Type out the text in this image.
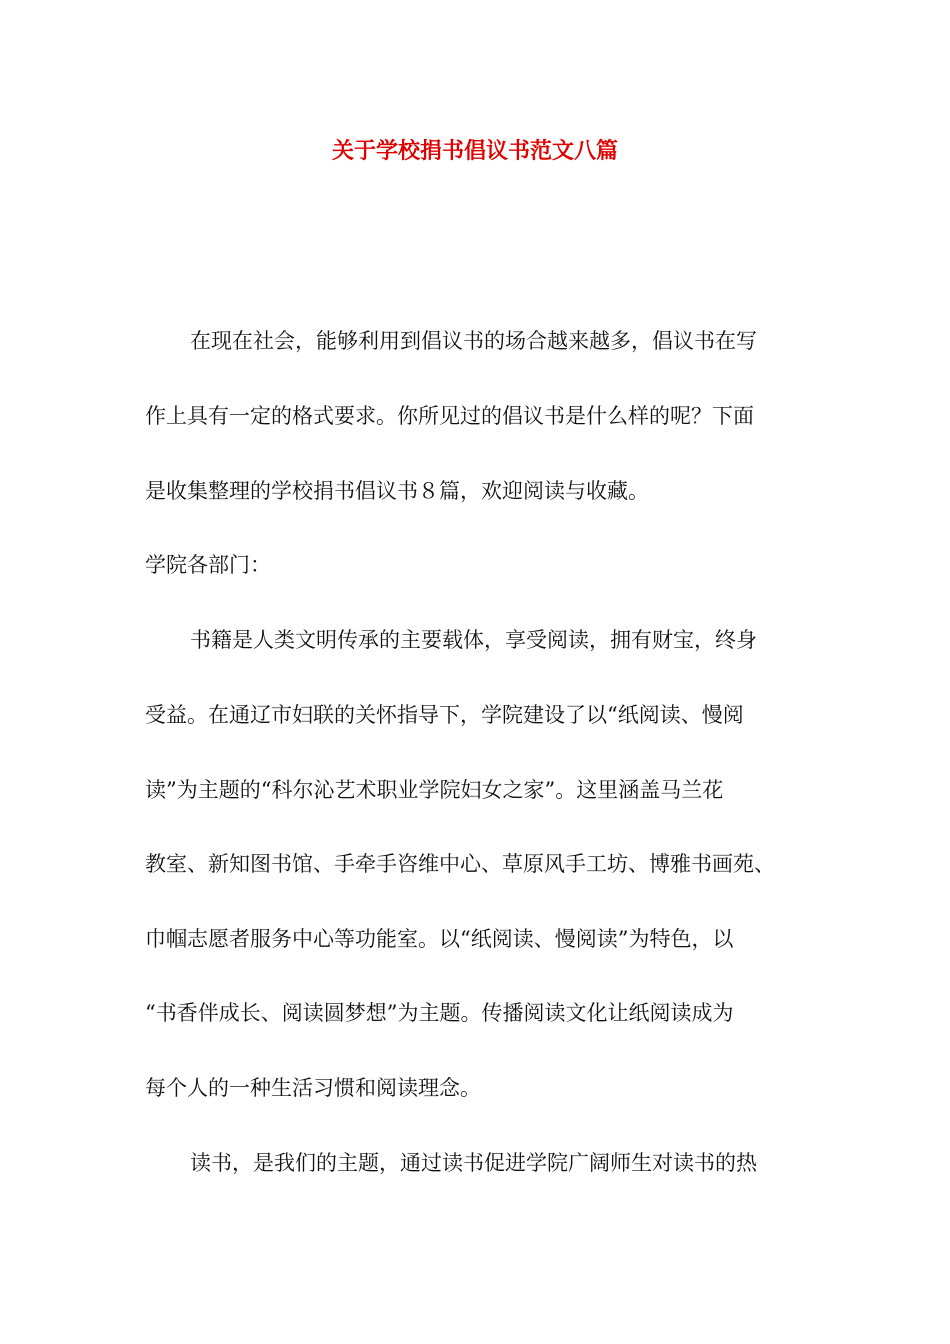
关于学校捐书倡议书范文八篇

在现在社会，能够利用到倡议书的场合越来越多，倡议书在写

作上具有一定的格式要求。你所见过的倡议书是什么样的呢？下面

是收集整理的学校捐书倡议书８篇，欢迎阅读与收藏。

学院各部门：

书籍是人类文明传承的主要载体，享受阅读，拥有财宝，终身

受益。在通辽市妇联的关怀指导下，学院建设了以“纸阅读、慢阅

读”为主题的“科尔沁艺术职业学院妇女之家”。这里涵盖马兰花

教室、新知图书馆、手牵手咨维中心、草原风手工坊、博雅书画苑、

巾帼志愿者服务中心等功能室。以“纸阅读、慢阅读”为特色，以

“书香伴成长、阅读圆梦想”为主题。传播阅读文化让纸阅读成为

每个人的一种生活习惯和阅读理念。

读书，是我们的主题，通过读书促进学院广阔师生对读书的热
